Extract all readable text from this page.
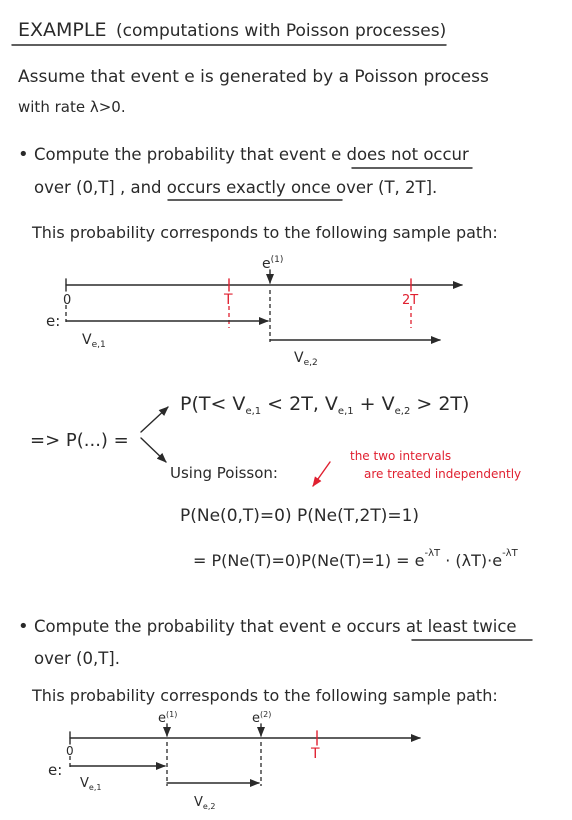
EXAMPLE (computations with Poisson processes)
Assume that event e is generated by a Poisson process
with rate λ>0.
• Compute the probability that event e does not occur
over (0,T] , and occurs exactly once over (T, 2T].
This probability corresponds to the following sample path:
$e^{(1)}$
0	T	2T
e:
$V_{e,1}$
$V_{e,2}$
$P(T< V_{e,1} < 2T$, $V_{e,1} + V_{e,2} > 2T$)
=> P(...) =
Using Poisson:
the two intervals
are treated independently
P(Ne(0,T)=0) P(Ne(T,2T)=1)
= $P(Ne(T)=0)P(Ne(T)=1) = e^{-\lambda T} \cdot (\lambda T)\cdot e^{-\lambda T}$
• Compute the probability that event e occurs at least twice
over (0,T].
This probability corresponds to the following sample path:
$e^{(1)}$	$e^{(2)}$
0	T
e:
$V_{e,1}$
$V_{e,2}$
